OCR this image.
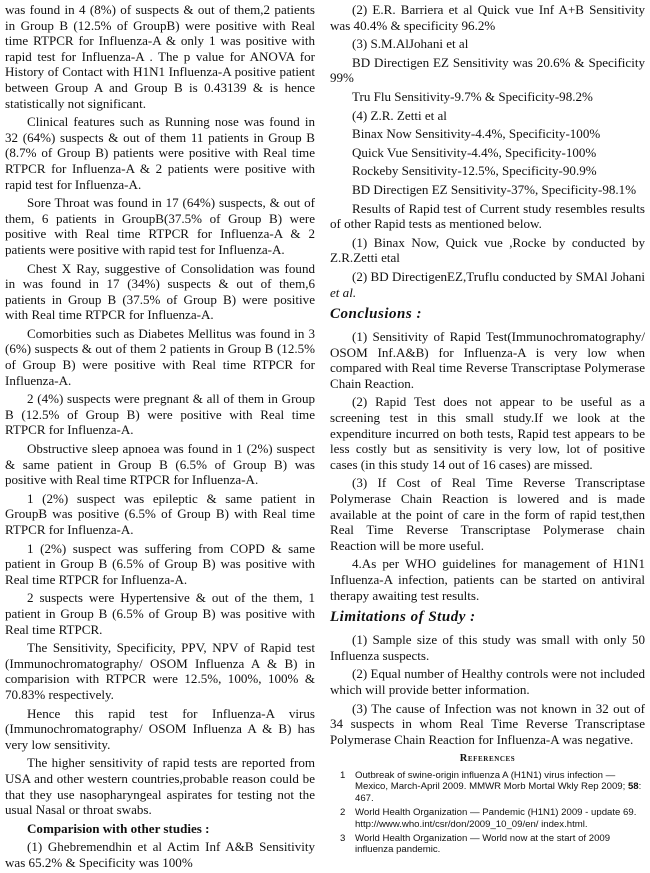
was found in 4 (8%) of suspects & out of them,2 patients in Group B (12.5% of GroupB) were positive with Real time RTPCR for Influenza-A & only 1 was positive with rapid test for Influenza-A . The p value for ANOVA for History of Contact with H1N1 Influenza-A positive patient between Group A and Group B is 0.43139 & is hence statistically not significant.

Clinical features such as Running nose was found in 32 (64%) suspects & out of them 11 patients in Group B (8.7% of Group B) patients were positive with Real time RTPCR for Influenza-A & 2 patients were positive with rapid test for Influenza-A.

Sore Throat was found in 17 (64%) suspects, & out of them, 6 patients in GroupB(37.5% of Group B) were positive with Real time RTPCR for Influenza-A & 2 patients were positive with rapid test for Influenza-A.

Chest X Ray, suggestive of Consolidation was found in was found in 17 (34%) suspects & out of them,6 patients in Group B (37.5% of Group B) were positive with Real time RTPCR for Influenza-A.

Comorbities such as Diabetes Mellitus was found in 3 (6%) suspects & out of them 2 patients in Group B (12.5% of Group B) were positive with Real time RTPCR for Influenza-A.

2 (4%) suspects were pregnant & all of them in Group B (12.5% of Group B) were positive with Real time RTPCR for Influenza-A.

Obstructive sleep apnoea was found in 1 (2%) suspect & same patient in Group B (6.5% of Group B) was positive with Real time RTPCR for Influenza-A.

1 (2%) suspect was epileptic & same patient in GroupB was positive (6.5% of Group B) with Real time RTPCR for Influenza-A.

1 (2%) suspect was suffering from COPD & same patient in Group B (6.5% of Group B) was positive with Real time RTPCR for Influenza-A.

2 suspects were Hypertensive & out of the them, 1 patient in Group B (6.5% of Group B) was positive with Real time RTPCR.

The Sensitivity, Specificity, PPV, NPV of Rapid test (Immunochromatography/ OSOM Influenza A & B) in comparision with RTPCR were 12.5%, 100%, 100% & 70.83% respectively.

Hence this rapid test for Influenza-A virus (Immunochromatography/ OSOM Influenza A & B) has very low sensitivity.

The higher sensitivity of rapid tests are reported from USA and other western countries,probable reason could be that they use nasopharyngeal aspirates for testing not the usual Nasal or throat swabs.

Comparision with other studies :

(1) Ghebremendhin et al Actim Inf A&B Sensitivity was 65.2% & Specificity was 100%

(2) E.R. Barriera et al Quick vue Inf A+B Sensitivity was 40.4% & specificity 96.2%

(3) S.M.AlJohani et al

BD Directigen EZ Sensitivity was 20.6% & Specificity 99%

Tru Flu Sensitivity-9.7% & Specificity-98.2%

(4) Z.R. Zetti et al

Binax Now Sensitivity-4.4%, Specificity-100%

Quick Vue Sensitivity-4.4%, Specificity-100%

Rockeby Sensitivity-12.5%, Specificity-90.9%

BD Directigen EZ Sensitivity-37%, Specificity-98.1%

Results of Rapid test of Current study resembles results of other Rapid tests as mentioned below.

(1) Binax Now, Quick vue ,Rocke by conducted by Z.R.Zetti etal

(2) BD DirectigenEZ,Truflu conducted by SMAl Johani et al.

Conclusions :

(1) Sensitivity of Rapid Test(Immunochromatography/ OSOM Inf.A&B) for Influenza-A is very low when compared with Real time Reverse Transcriptase Polymerase Chain Reaction.

(2) Rapid Test does not appear to be useful as a screening test in this small study.If we look at the expenditure incurred on both tests, Rapid test appears to be less costly but as sensitivity is very low, lot of positive cases (in this study 14 out of 16 cases) are missed.

(3) If Cost of Real Time Reverse Transcriptase Polymerase Chain Reaction is lowered and is made available at the point of care in the form of rapid test,then Real Time Reverse Transcriptase Polymerase chain Reaction will be more useful.

4.As per WHO guidelines for management of H1N1 Influenza-A infection, patients can be started on antiviral therapy awaiting test results.

Limitations of Study :

(1) Sample size of this study was small with only 50 Influenza suspects.

(2) Equal number of Healthy controls were not included which will provide better information.

(3) The cause of Infection was not known in 32 out of 34 suspects in whom Real Time Reverse Transcriptase Polymerase Chain Reaction for Influenza-A was negative.

References
1 Outbreak of swine-origin influenza A (H1N1) virus infection — Mexico, March-April 2009. MMWR Morb Mortal Wkly Rep 2009; 58: 467.
2 World Health Organization — Pandemic (H1N1) 2009 - update 69. http://www.who.int/csr/don/2009_10_09/en/ index.html.
3 World Health Organization — World now at the start of 2009 influenza pandemic.
